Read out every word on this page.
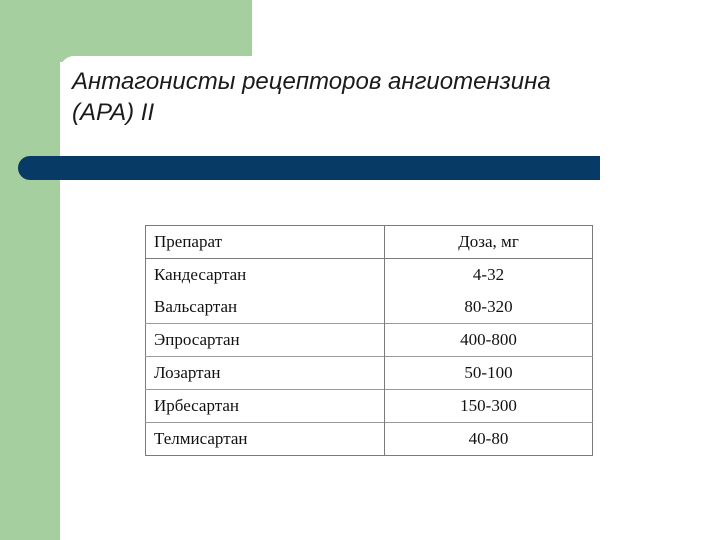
Антагонисты рецепторов ангиотензина
(АРА) II
Препарат	Доза, мг
Кандесартан	4-32
Вальсартан	80-320
Эпросартан	400-800
Лозартан	50-100
Ирбесартан	150-300
Телмисартан	40-80
